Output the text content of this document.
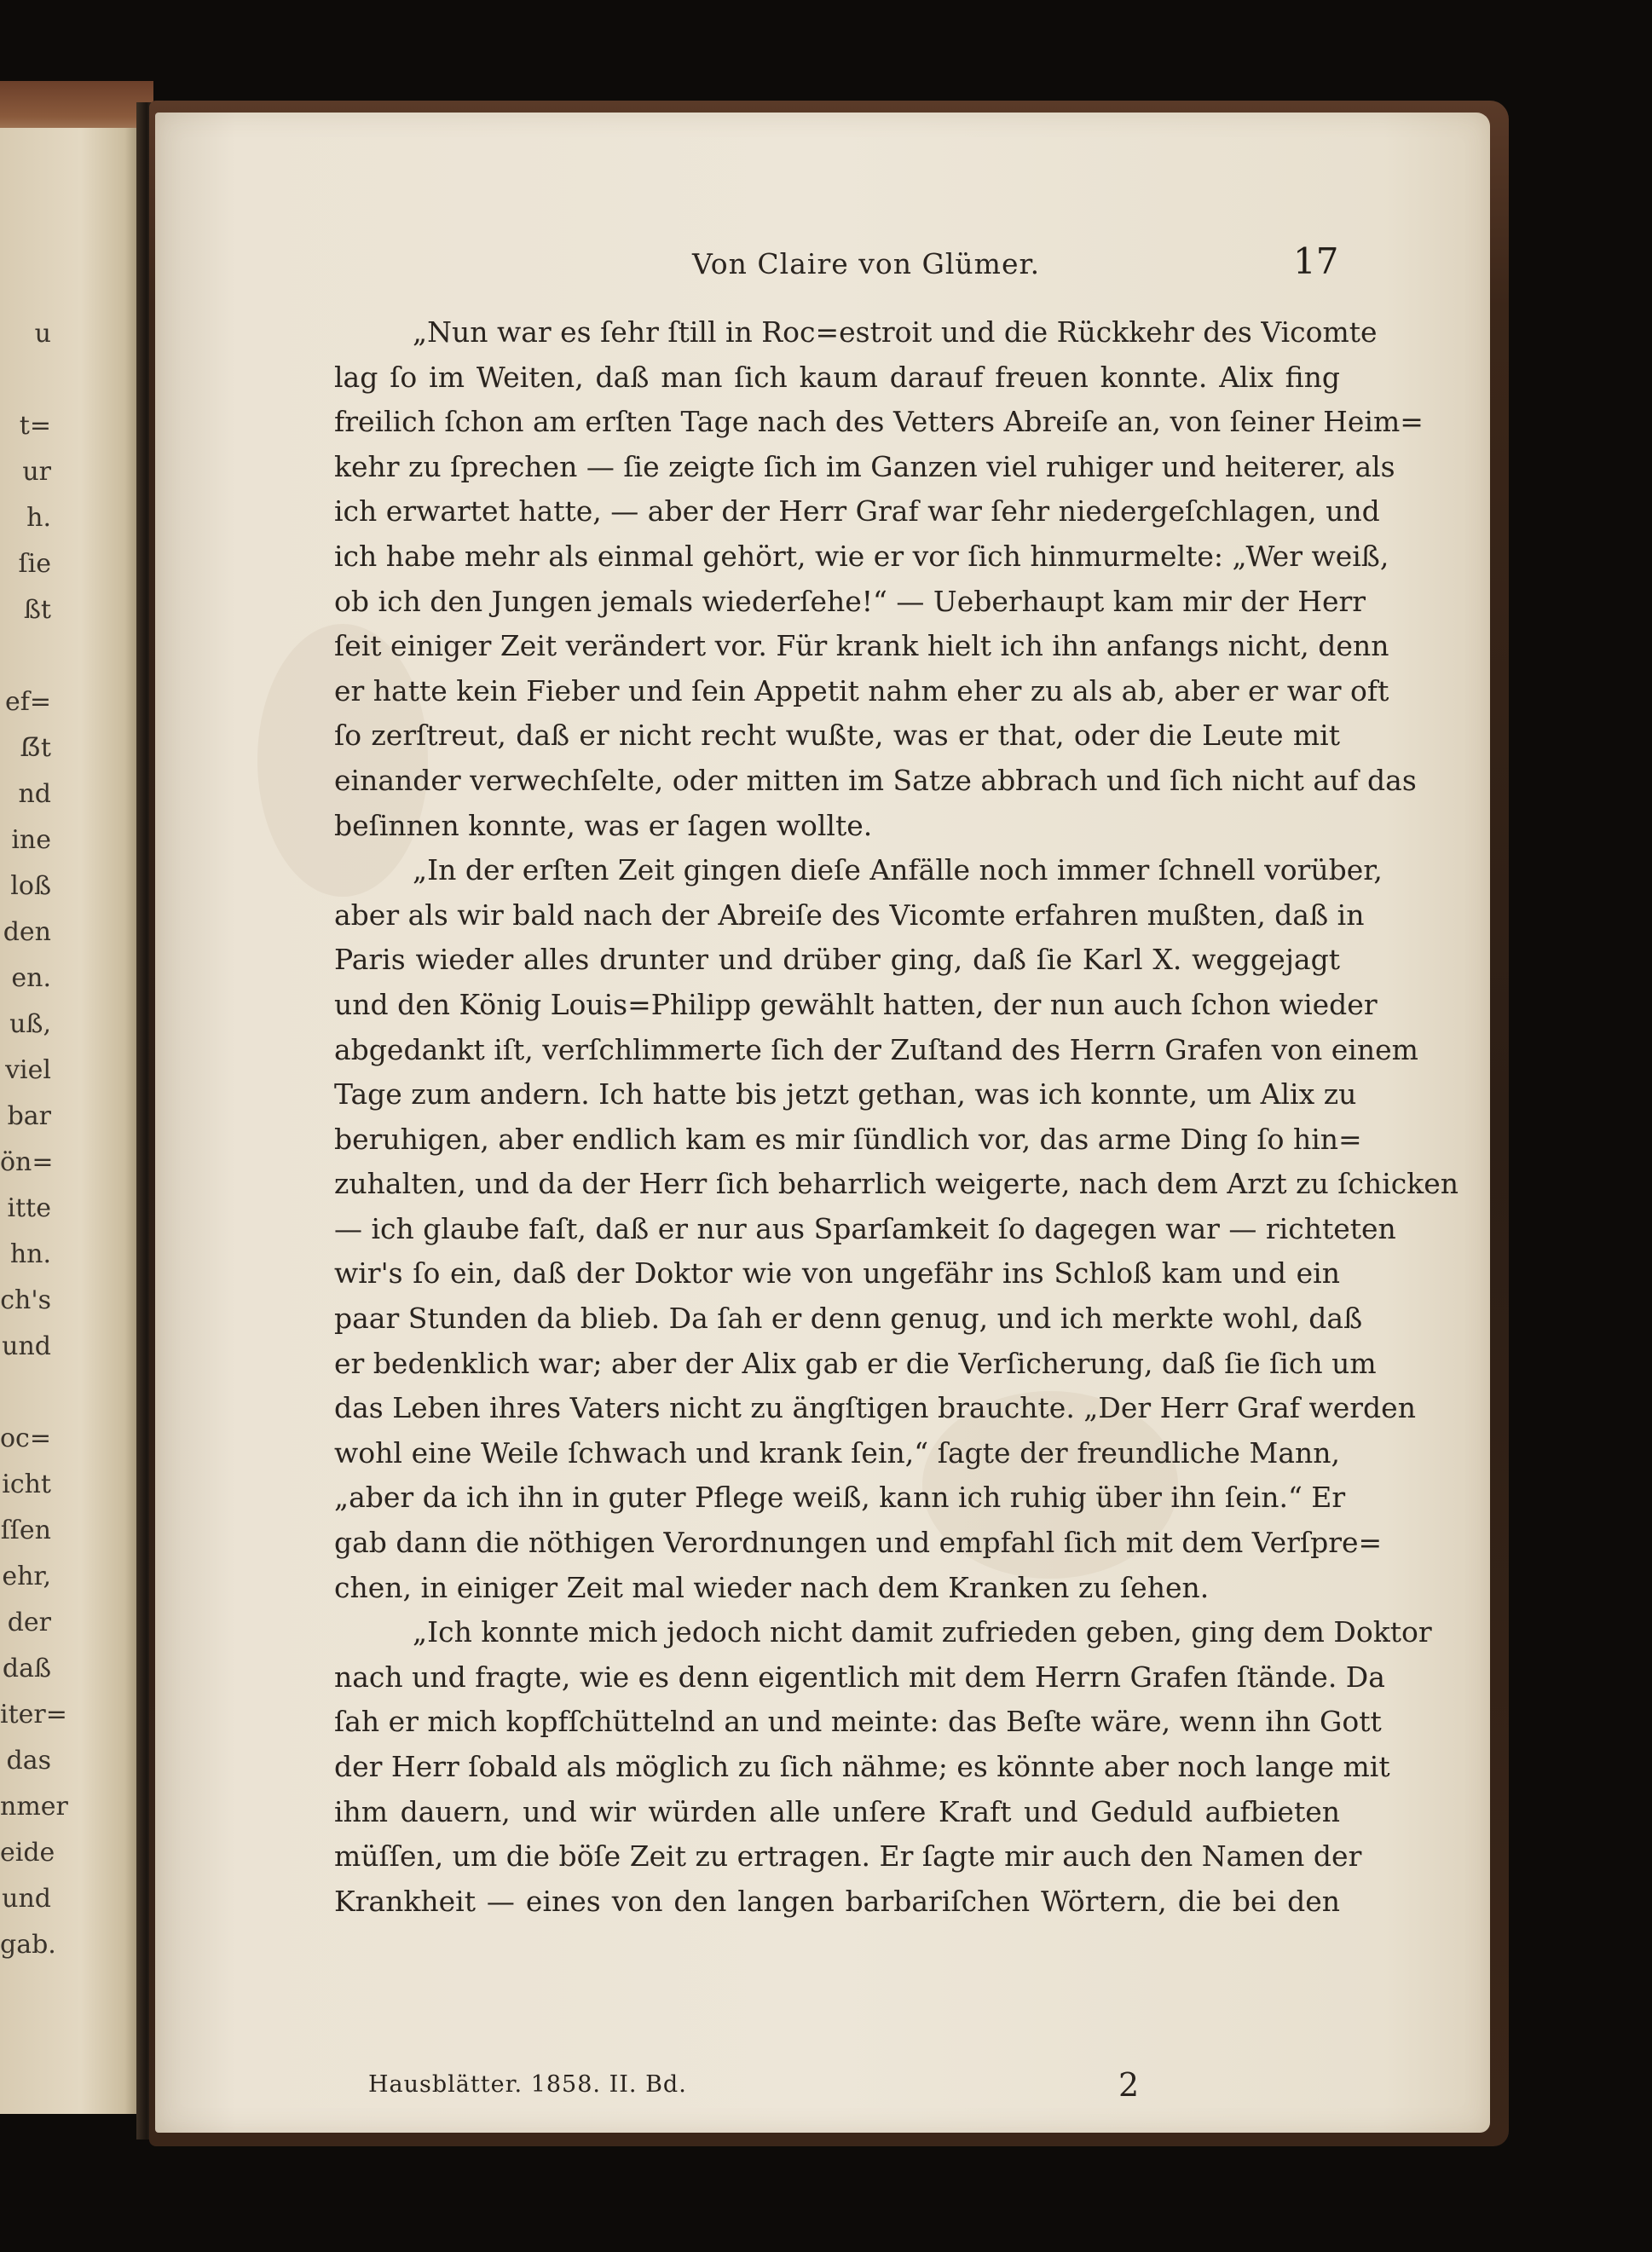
u
t=
ur
h.
ſie
ßt
ef=
ẞt
nd
ine
loß
den
en.
uß,
viel
bar
ön=
itte
hn.
ch's
und
oc=
icht
ſſen
ehr,
der
daß
iter=
das
nmer
eide
und
gab.
Von Claire von Glümer.	17

„Nun war es ſehr ſtill in Roc=estroit und die Rückkehr des Vicomte
lag ſo im Weiten, daß man ſich kaum darauf freuen konnte. Alix fing
freilich ſchon am erſten Tage nach des Vetters Abreiſe an, von ſeiner Heim=
kehr zu ſprechen — ſie zeigte ſich im Ganzen viel ruhiger und heiterer, als
ich erwartet hatte, — aber der Herr Graf war ſehr niedergeſchlagen, und
ich habe mehr als einmal gehört, wie er vor ſich hinmurmelte: „Wer weiß,
ob ich den Jungen jemals wiederſehe!“ — Ueberhaupt kam mir der Herr
ſeit einiger Zeit verändert vor. Für krank hielt ich ihn anfangs nicht, denn
er hatte kein Fieber und ſein Appetit nahm eher zu als ab, aber er war oft
ſo zerſtreut, daß er nicht recht wußte, was er that, oder die Leute mit
einander verwechſelte, oder mitten im Satze abbrach und ſich nicht auf das
beſinnen konnte, was er ſagen wollte.

„In der erſten Zeit gingen dieſe Anfälle noch immer ſchnell vorüber,
aber als wir bald nach der Abreiſe des Vicomte erfahren mußten, daß in
Paris wieder alles drunter und drüber ging, daß ſie Karl X. weggejagt
und den König Louis=Philipp gewählt hatten, der nun auch ſchon wieder
abgedankt iſt, verſchlimmerte ſich der Zuſtand des Herrn Grafen von einem
Tage zum andern. Ich hatte bis jetzt gethan, was ich konnte, um Alix zu
beruhigen, aber endlich kam es mir ſündlich vor, das arme Ding ſo hin=
zuhalten, und da der Herr ſich beharrlich weigerte, nach dem Arzt zu ſchicken
— ich glaube faſt, daß er nur aus Sparſamkeit ſo dagegen war — richteten
wir's ſo ein, daß der Doktor wie von ungefähr ins Schloß kam und ein
paar Stunden da blieb. Da ſah er denn genug, und ich merkte wohl, daß
er bedenklich war; aber der Alix gab er die Verſicherung, daß ſie ſich um
das Leben ihres Vaters nicht zu ängſtigen brauchte. „Der Herr Graf werden
wohl eine Weile ſchwach und krank ſein,“ ſagte der freundliche Mann,
„aber da ich ihn in guter Pflege weiß, kann ich ruhig über ihn ſein.“ Er
gab dann die nöthigen Verordnungen und empfahl ſich mit dem Verſpre=
chen, in einiger Zeit mal wieder nach dem Kranken zu ſehen.

„Ich konnte mich jedoch nicht damit zufrieden geben, ging dem Doktor
nach und fragte, wie es denn eigentlich mit dem Herrn Grafen ſtände. Da
ſah er mich kopfſchüttelnd an und meinte: das Beſte wäre, wenn ihn Gott
der Herr ſobald als möglich zu ſich nähme; es könnte aber noch lange mit
ihm dauern, und wir würden alle unſere Kraft und Geduld aufbieten
müſſen, um die böſe Zeit zu ertragen. Er ſagte mir auch den Namen der
Krankheit — eines von den langen barbariſchen Wörtern, die bei den

Hausblätter. 1858. II. Bd.	2
